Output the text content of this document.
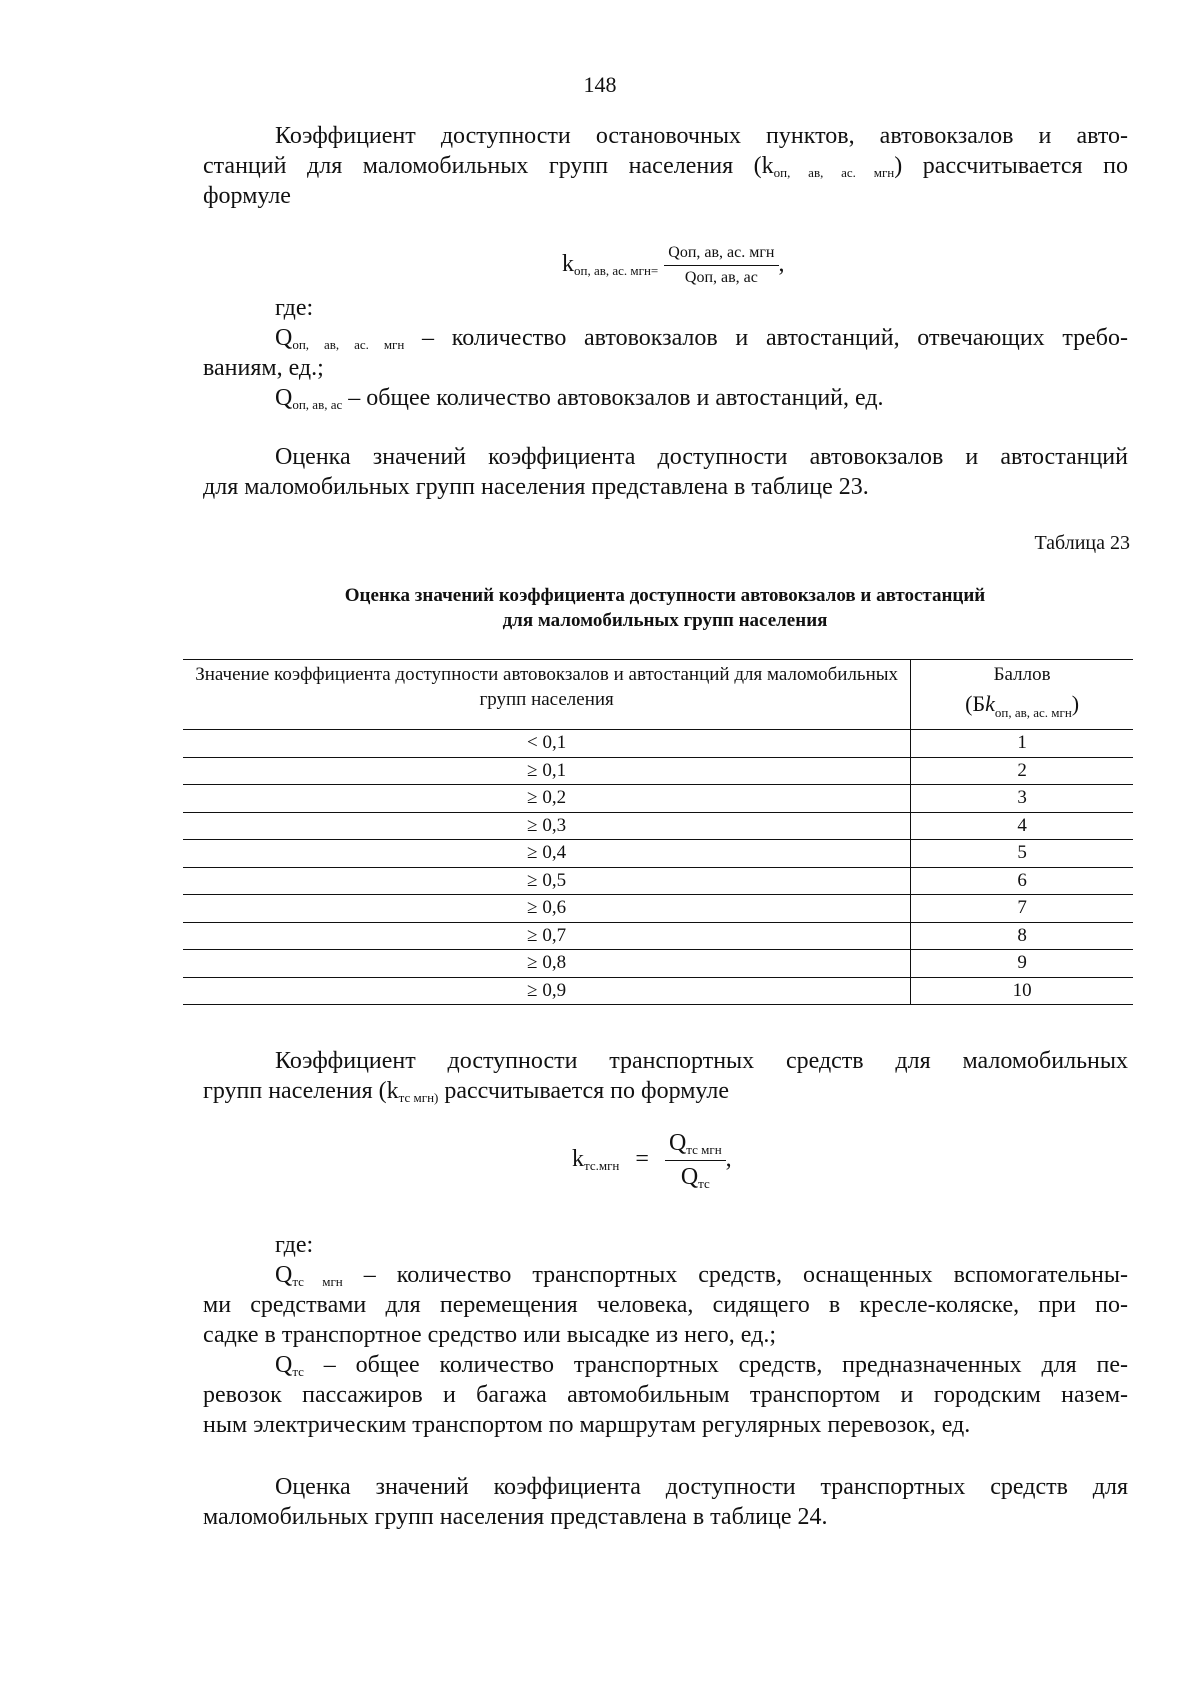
148
Коэффициент доступности остановочных пунктов, автовокзалов и авто-
станций для маломобильных групп населения $(k_{оп, ав, ас. мгн})$ рассчитывается по
формуле
$k_{оп, ав, ас. мгн=} \frac{\text{Qоп, ав, ас. мгн}}{\text{Qоп, ав, ас}}$ ,
где:
$Q_{оп, ав, ас. мгн}$ – количество автовокзалов и автостанций, отвечающих требо-
ваниям, ед.;
$Q_{оп, ав, ас}$ – общее количество автовокзалов и автостанций, ед.
Оценка значений коэффициента доступности автовокзалов и автостанций
для маломобильных групп населения представлена в таблице 23.
Таблица 23
Оценка значений коэффициента доступности автовокзалов и автостанций
для маломобильных групп населения
Значение коэффициента доступности автовокзалов и автостанций для маломобильных групп населения	Баллов
$(Бk_{оп, ав, ас. мгн})$

< 0,1	1
≥ 0,1	2
≥ 0,2	3
≥ 0,3	4
≥ 0,4	5
≥ 0,5	6
≥ 0,6	7
≥ 0,7	8
≥ 0,8	9
≥ 0,9	10
Коэффициент доступности транспортных средств для маломобильных
групп населения ($k_{тс мгн)}$ рассчитывается по формуле
$k_{тс.мгн} = \frac{Q_{тс мгн}}{Q_{тс}}$ ,
где:
$Q_{тс мгн}$ – количество транспортных средств, оснащенных вспомогательны-
ми средствами для перемещения человека, сидящего в кресле-коляске, при по-
садке в транспортное средство или высадке из него, ед.;
$Q_{тс}$ – общее количество транспортных средств, предназначенных для пе-
ревозок пассажиров и багажа автомобильным транспортом и городским назем-
ным электрическим транспортом по маршрутам регулярных перевозок, ед.
Оценка значений коэффициента доступности транспортных средств для
маломобильных групп населения представлена в таблице 24.
